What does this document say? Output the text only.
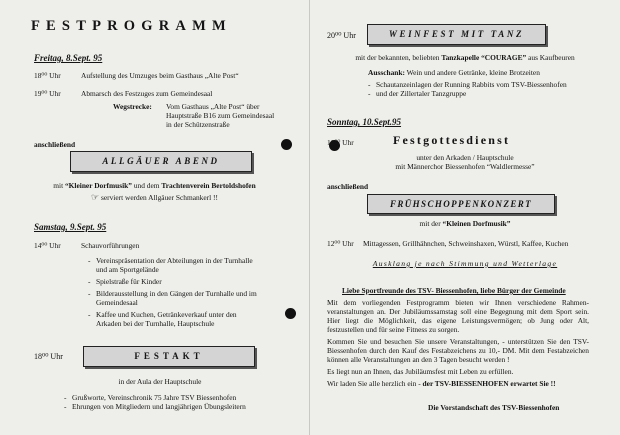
FESTPROGRAMM
Freitag, 8.Sept. 95
18⁰⁰ Uhr	Aufstellung des Umzuges beim Gasthaus „Alte Post“
19⁰⁰ Uhr	Abmarsch des Festzuges zum Gemeindesaal
Wegstrecke: Vom Gasthaus „Alte Post“ über
Hauptstraße B16 zum Gemeindesaal
in der Schützenstraße
anschließend
ALLGÄUER ABEND
mit “Kleiner Dorfmusik” und dem Trachtenverein Bertoldshofen
☞ serviert werden Allgäuer Schmankerl !!
Samstag, 9.Sept. 95
14⁰⁰ Uhr	Schauvorführungen
- Vereinspräsentation der Abteilungen in der Turnhalle und am Sportgelände
- Spielstraße für Kinder
- Bilderausstellung in den Gängen der Turnhalle und im Gemeindesaal
- Kaffee und Kuchen, Getränkeverkauf unter den Arkaden bei der Turnhalle, Hauptschule
18⁰⁰ Uhr	FESTAKT
in der Aula der Hauptschule
- Grußworte, Vereinschronik 75 Jahre TSV Biessenhofen
- Ehrungen von Mitgliedern und langjährigen Übungsleitern
20⁰⁰ Uhr	WEINFEST MIT TANZ
mit der bekannten, beliebten Tanzkapelle “COURAGE” aus Kaufbeuren
Ausschank: Wein und andere Getränke, kleine Brotzeiten
- Schautanzeinlagen der Running Rabbits vom TSV-Biessenhofen
- und der Zillertaler Tanzgruppe
Sonntag, 10.Sept.95
10⁰⁰ Uhr	Festgottesdienst
unter den Arkaden / Hauptschule
mit Männerchor Biessenhofen “Waldlermesse”
anschließend
FRÜHSCHOPPENKONZERT
mit der “Kleinen Dorfmusik”
12⁰⁰ Uhr Mittagessen, Grillhähnchen, Schweinshaxen, Würstl, Kaffee, Kuchen
Ausklang je nach Stimmung und Wetterlage
Liebe Sportfreunde des TSV- Biessenhofen, liebe Bürger der Gemeinde
Mit dem vorliegenden Festprogramm bieten wir Ihnen verschiedene Rahmen-veranstaltungen an. Der Jubiläumssamstag soll eine Begegnung mit dem Sport sein. Hier liegt die Möglichkeit, das eigene Leistungsvermögen; ob Jung oder Alt, festzustellen und für seine Fitness zu sorgen.
Kommen Sie und besuchen Sie unsere Veranstaltungen, - unterstützen Sie den TSV-Biessenhofen durch den Kauf des Festabzeichens zu 10,- DM. Mit dem Festabzeichen können alle Veranstaltungen an den 3 Tagen besucht werden !
Es liegt nun an Ihnen, das Jubiläumsfest mit Leben zu erfüllen.
Wir laden Sie alle herzlich ein - der TSV-BIESSENHOFEN erwartet Sie !!
Die Vorstandschaft des TSV-Biessenhofen
